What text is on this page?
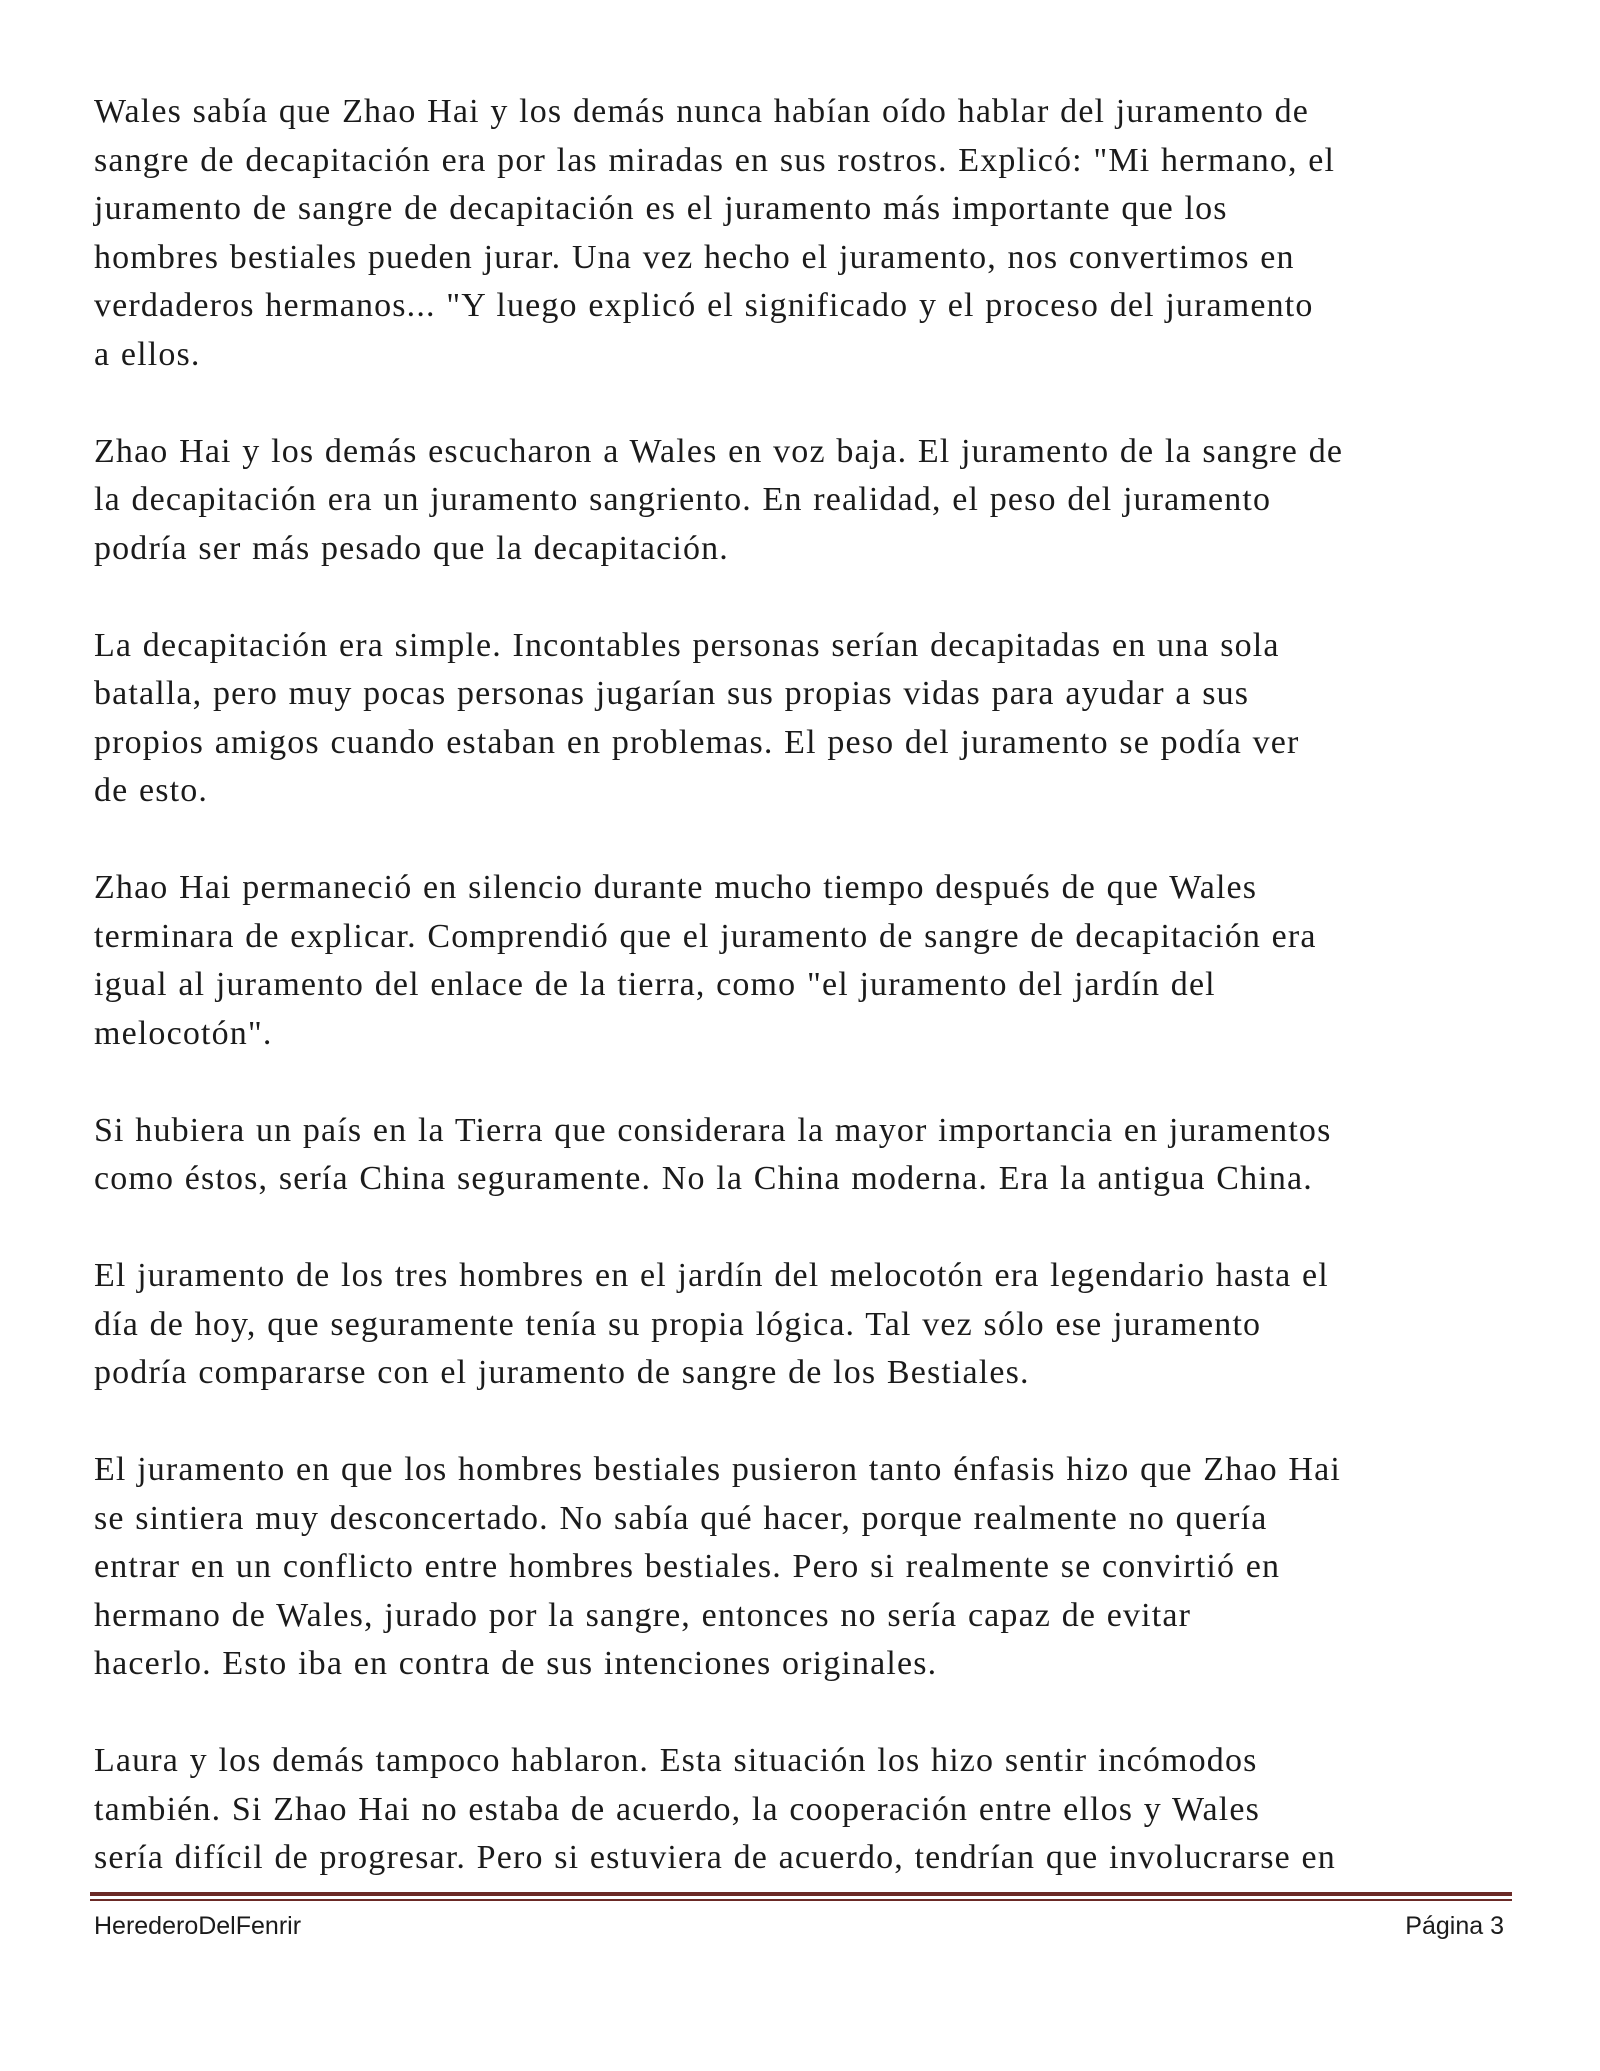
Wales sabía que Zhao Hai y los demás nunca habían oído hablar del juramento de
sangre de decapitación era por las miradas en sus rostros. Explicó: "Mi hermano, el
juramento de sangre de decapitación es el juramento más importante que los
hombres bestiales pueden jurar. Una vez hecho el juramento, nos convertimos en
verdaderos hermanos... "Y luego explicó el significado y el proceso del juramento
a ellos.

Zhao Hai y los demás escucharon a Wales en voz baja. El juramento de la sangre de
la decapitación era un juramento sangriento. En realidad, el peso del juramento
podría ser más pesado que la decapitación.

La decapitación era simple. Incontables personas serían decapitadas en una sola
batalla, pero muy pocas personas jugarían sus propias vidas para ayudar a sus
propios amigos cuando estaban en problemas. El peso del juramento se podía ver
de esto.

Zhao Hai permaneció en silencio durante mucho tiempo después de que Wales
terminara de explicar. Comprendió que el juramento de sangre de decapitación era
igual al juramento del enlace de la tierra, como "el juramento del jardín del
melocotón".

Si hubiera un país en la Tierra que considerara la mayor importancia en juramentos
como éstos, sería China seguramente. No la China moderna. Era la antigua China.

El juramento de los tres hombres en el jardín del melocotón era legendario hasta el
día de hoy, que seguramente tenía su propia lógica. Tal vez sólo ese juramento
podría compararse con el juramento de sangre de los Bestiales.

El juramento en que los hombres bestiales pusieron tanto énfasis hizo que Zhao Hai
se sintiera muy desconcertado. No sabía qué hacer, porque realmente no quería
entrar en un conflicto entre hombres bestiales. Pero si realmente se convirtió en
hermano de Wales, jurado por la sangre, entonces no sería capaz de evitar
hacerlo. Esto iba en contra de sus intenciones originales.

Laura y los demás tampoco hablaron. Esta situación los hizo sentir incómodos
también. Si Zhao Hai no estaba de acuerdo, la cooperación entre ellos y Wales
sería difícil de progresar. Pero si estuviera de acuerdo, tendrían que involucrarse en

HerederoDelFenrir	Página 3
